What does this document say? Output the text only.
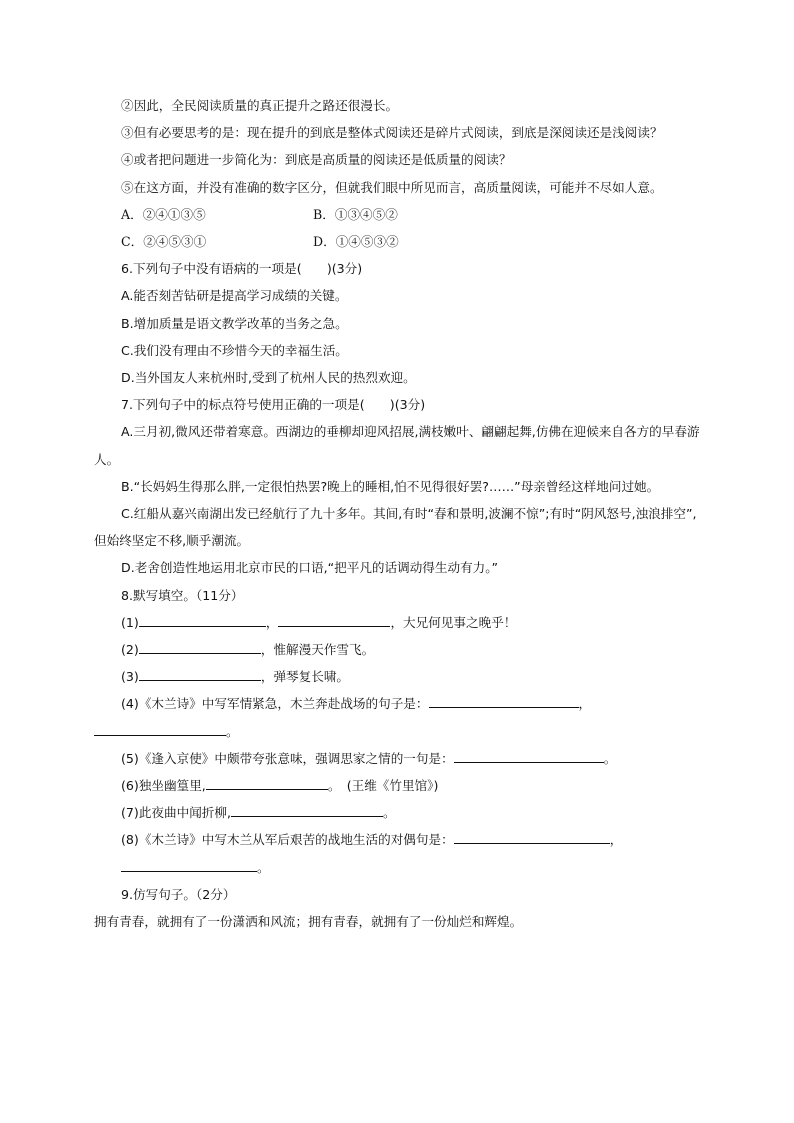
②因此，全民阅读质量的真正提升之路还很漫长。

③但有必要思考的是：现在提升的到底是整体式阅读还是碎片式阅读，到底是深阅读还是浅阅读？

④或者把问题进一步简化为：到底是高质量的阅读还是低质量的阅读？

⑤在这方面，并没有准确的数字区分，但就我们眼中所见而言，高质量阅读，可能并不尽如人意。

A．②④①③⑤	B．①③④⑤②
C．②④⑤③①	D．①④⑤③②

6.下列句子中没有语病的一项是(　　)(3分)

A.能否刻苦钻研是提高学习成绩的关键。

B.增加质量是语文教学改革的当务之急。

C.我们没有理由不珍惜今天的幸福生活。

D.当外国友人来杭州时,受到了杭州人民的热烈欢迎。

7.下列句子中的标点符号使用正确的一项是(　　)(3分)

A.三月初,微风还带着寒意。西湖边的垂柳却迎风招展,满枝嫩叶、翩翩起舞,仿佛在迎候来自各方的早春游人。

B.“长妈妈生得那么胖,一定很怕热罢?晚上的睡相,怕不见得很好罢?……”母亲曾经这样地问过她。

C.红船从嘉兴南湖出发已经航行了九十多年。其间,有时“春和景明,波澜不惊”;有时“阴风怒号,浊浪排空”,但始终坚定不移,顺乎潮流。

D.老舍创造性地运用北京市民的口语,“把平凡的话调动得生动有力。”

8.默写填空。（11分）

(1)	，	，大兄何见事之晚乎！

(2)	，惟解漫天作雪飞。

(3)	，弹琴复长啸。

(4)《木兰诗》中写军情紧急，木兰奔赴战场的句子是：	，

。

(5)《逢入京使》中颇带夸张意味，强调思家之情的一句是：	。

(6)独坐幽篁里,	。　(王维《竹里馆》)

(7)此夜曲中闻折柳,	。

(8)《木兰诗》中写木兰从军后艰苦的战地生活的对偶句是：	，

。

9.仿写句子。（2分）

拥有青春，就拥有了一份潇洒和风流；拥有青春，就拥有了一份灿烂和辉煌。
